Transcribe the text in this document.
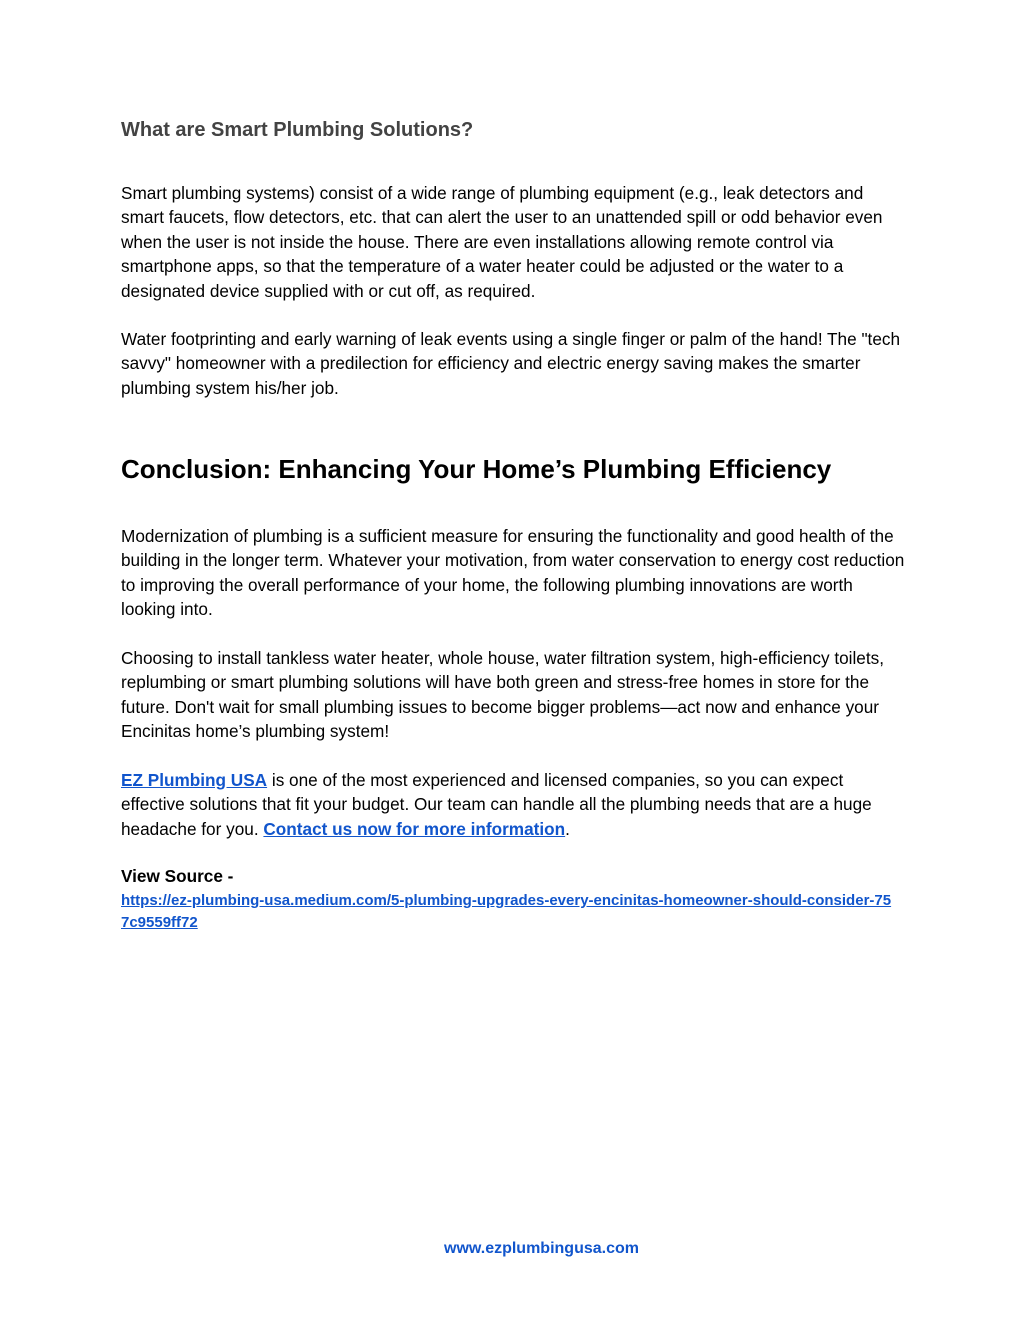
What are Smart Plumbing Solutions?

Smart plumbing systems) consist of a wide range of plumbing equipment (e.g., leak detectors and smart faucets, flow detectors, etc. that can alert the user to an unattended spill or odd behavior even when the user is not inside the house. There are even installations allowing remote control via smartphone apps, so that the temperature of a water heater could be adjusted or the water to a designated device supplied with or cut off, as required.

Water footprinting and early warning of leak events using a single finger or palm of the hand! The "tech savvy" homeowner with a predilection for efficiency and electric energy saving makes the smarter plumbing system his/her job.

Conclusion: Enhancing Your Home’s Plumbing Efficiency

Modernization of plumbing is a sufficient measure for ensuring the functionality and good health of the building in the longer term. Whatever your motivation, from water conservation to energy cost reduction to improving the overall performance of your home, the following plumbing innovations are worth looking into.

Choosing to install tankless water heater, whole house, water filtration system, high-efficiency toilets, replumbing or smart plumbing solutions will have both green and stress-free homes in store for the future. Don't wait for small plumbing issues to become bigger problems—act now and enhance your Encinitas home’s plumbing system!

EZ Plumbing USA is one of the most experienced and licensed companies, so you can expect effective solutions that fit your budget. Our team can handle all the plumbing needs that are a huge headache for you. Contact us now for more information.

View Source -
https://ez-plumbing-usa.medium.com/5-plumbing-upgrades-every-encinitas-homeowner-should-consider-757c9559ff72
www.ezplumbingusa.com
